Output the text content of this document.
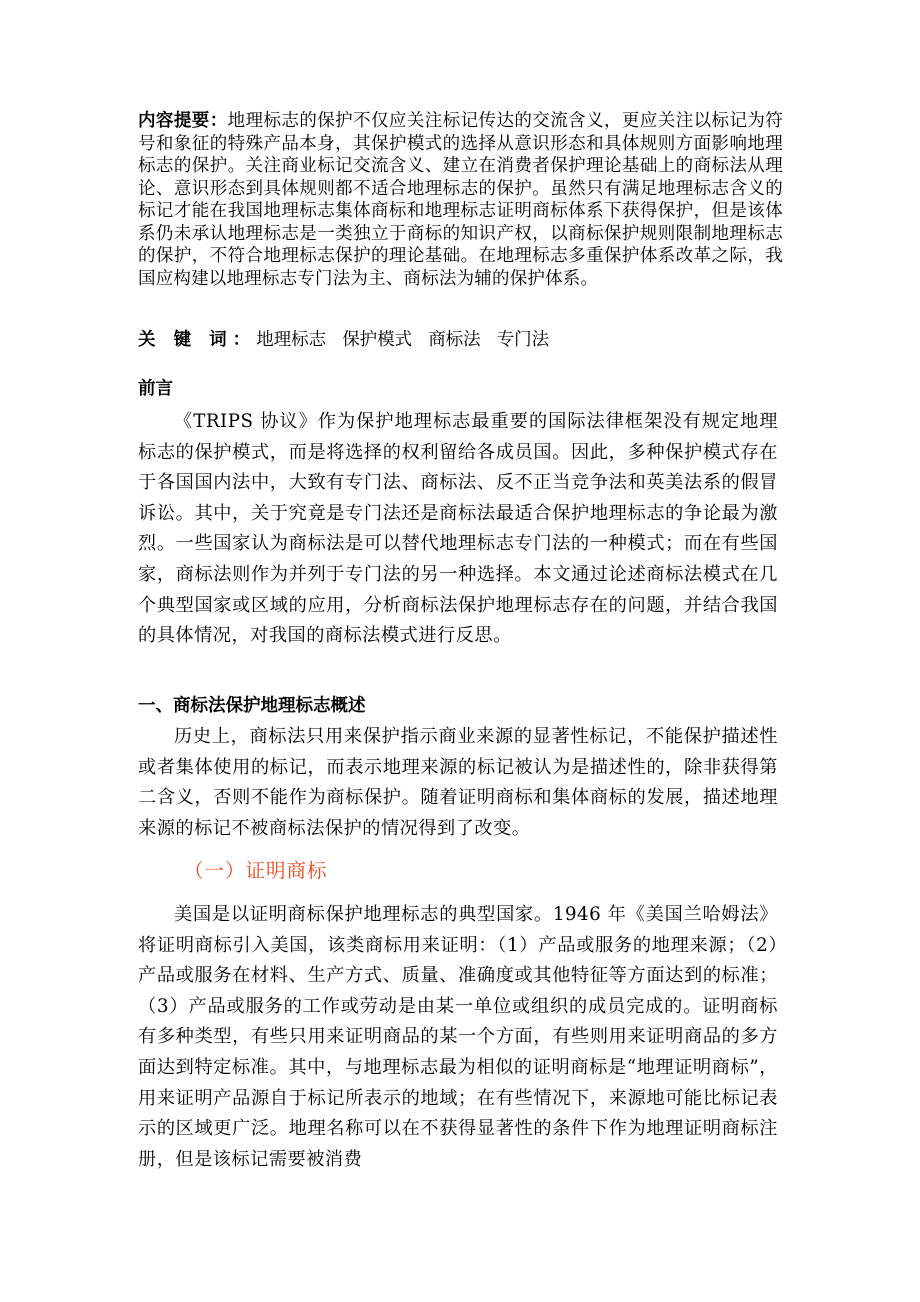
内容提要：地理标志的保护不仅应关注标记传达的交流含义，更应关注以标记为符号和象征的特殊产品本身，其保护模式的选择从意识形态和具体规则方面影响地理标志的保护。关注商业标记交流含义、建立在消费者保护理论基础上的商标法从理论、意识形态到具体规则都不适合地理标志的保护。虽然只有满足地理标志含义的标记才能在我国地理标志集体商标和地理标志证明商标体系下获得保护，但是该体系仍未承认地理标志是一类独立于商标的知识产权，以商标保护规则限制地理标志的保护，不符合地理标志保护的理论基础。在地理标志多重保护体系改革之际，我国应构建以地理标志专门法为主、商标法为辅的保护体系。
关 键 词：地理标志 保护模式 商标法 专门法
前言
《TRIPS 协议》作为保护地理标志最重要的国际法律框架没有规定地理标志的保护模式，而是将选择的权利留给各成员国。因此，多种保护模式存在于各国国内法中，大致有专门法、商标法、反不正当竞争法和英美法系的假冒诉讼。其中，关于究竟是专门法还是商标法最适合保护地理标志的争论最为激烈。一些国家认为商标法是可以替代地理标志专门法的一种模式；而在有些国家，商标法则作为并列于专门法的另一种选择。本文通过论述商标法模式在几个典型国家或区域的应用，分析商标法保护地理标志存在的问题，并结合我国的具体情况，对我国的商标法模式进行反思。
一、商标法保护地理标志概述
历史上，商标法只用来保护指示商业来源的显著性标记，不能保护描述性或者集体使用的标记，而表示地理来源的标记被认为是描述性的，除非获得第二含义，否则不能作为商标保护。随着证明商标和集体商标的发展，描述地理来源的标记不被商标法保护的情况得到了改变。
（一）证明商标
美国是以证明商标保护地理标志的典型国家。1946 年《美国兰哈姆法》将证明商标引入美国，该类商标用来证明：（1）产品或服务的地理来源；（2）产品或服务在材料、生产方式、质量、准确度或其他特征等方面达到的标准；（3）产品或服务的工作或劳动是由某一单位或组织的成员完成的。证明商标有多种类型，有些只用来证明商品的某一个方面，有些则用来证明商品的多方面达到特定标准。其中，与地理标志最为相似的证明商标是“地理证明商标”，用来证明产品源自于标记所表示的地域；在有些情况下，来源地可能比标记表示的区域更广泛。地理名称可以在不获得显著性的条件下作为地理证明商标注册，但是该标记需要被消费
